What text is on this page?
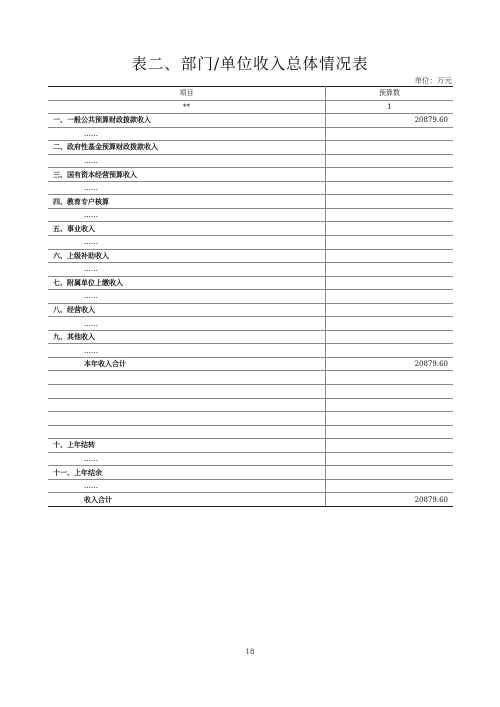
表二、部门/单位收入总体情况表
单位：万元
项目	预算数
**	1
一、一般公共预算财政拨款收入	20879.60
……	
二、政府性基金预算财政拨款收入	
……	
三、国有资本经营预算收入	
……	
四、教育专户核算	
……	
五、事业收入	
……	
六、上级补助收入	
……	
七、附属单位上缴收入	
……	
八、经营收入	
……	
九、其他收入	
……	
本年收入合计	20879.60

十、上年结转	
……	
十一、上年结余	
……	
收入合计	20879.60
18
